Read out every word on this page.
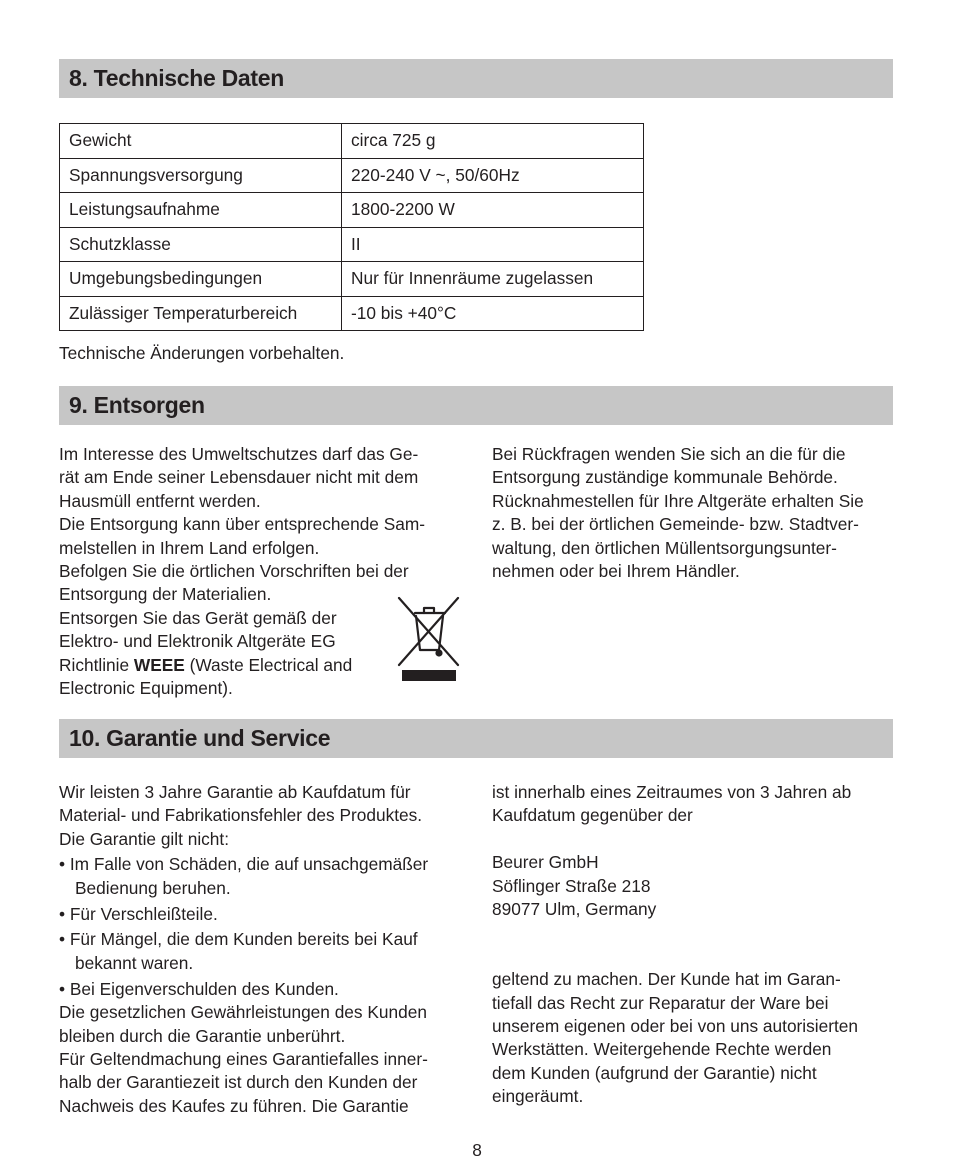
8. Technische Daten
Gewicht	circa 725 g
Spannungsversorgung	220-240 V ~, 50/60Hz
Leistungsaufnahme	1800-2200 W
Schutzklasse	II
Umgebungsbedingungen	Nur für Innenräume zugelassen
Zulässiger Temperaturbereich	-10 bis +40°C
Technische Änderungen vorbehalten.
9. Entsorgen

Im Interesse des Umweltschutzes darf das Ge-

rät am Ende seiner Lebensdauer nicht mit dem

Hausmüll entfernt werden.

Die Entsorgung kann über entsprechende Sam-

melstellen in Ihrem Land erfolgen.

Befolgen Sie die örtlichen Vorschriften bei der

Entsorgung der Materialien.

Entsorgen Sie das Gerät gemäß der

Elektro- und Elektronik Altgeräte EG

Richtlinie WEEE (Waste Electrical and

Electronic Equipment).

Bei Rückfragen wenden Sie sich an die für die

Entsorgung zuständige kommunale Behörde.

Rücknahmestellen für Ihre Altgeräte erhalten Sie

z. B. bei der örtlichen Gemeinde- bzw. Stadtver-

waltung, den örtlichen Müllentsorgungsunter-

nehmen oder bei Ihrem Händler.

10. Garantie und Service

Wir leisten 3 Jahre Garantie ab Kaufdatum für

Material- und Fabrikationsfehler des Produktes.

Die Garantie gilt nicht:

• Im Falle von Schäden, die auf unsachgemäßer
Bedienung beruhen.

• Für Verschleißteile.

• Für Mängel, die dem Kunden bereits bei Kauf
bekannt waren.

• Bei Eigenverschulden des Kunden.

Die gesetzlichen Gewährleistungen des Kunden

bleiben durch die Garantie unberührt.

Für Geltendmachung eines Garantiefalles inner-

halb der Garantiezeit ist durch den Kunden der

Nachweis des Kaufes zu führen. Die Garantie

ist innerhalb eines Zeitraumes von 3 Jahren ab

Kaufdatum gegenüber der

Beurer GmbH

Söflinger Straße 218

89077 Ulm, Germany

geltend zu machen. Der Kunde hat im Garan-

tiefall das Recht zur Reparatur der Ware bei

unserem eigenen oder bei von uns autorisierten

Werkstätten. Weitergehende Rechte werden

dem Kunden (aufgrund der Garantie) nicht

eingeräumt.

8
